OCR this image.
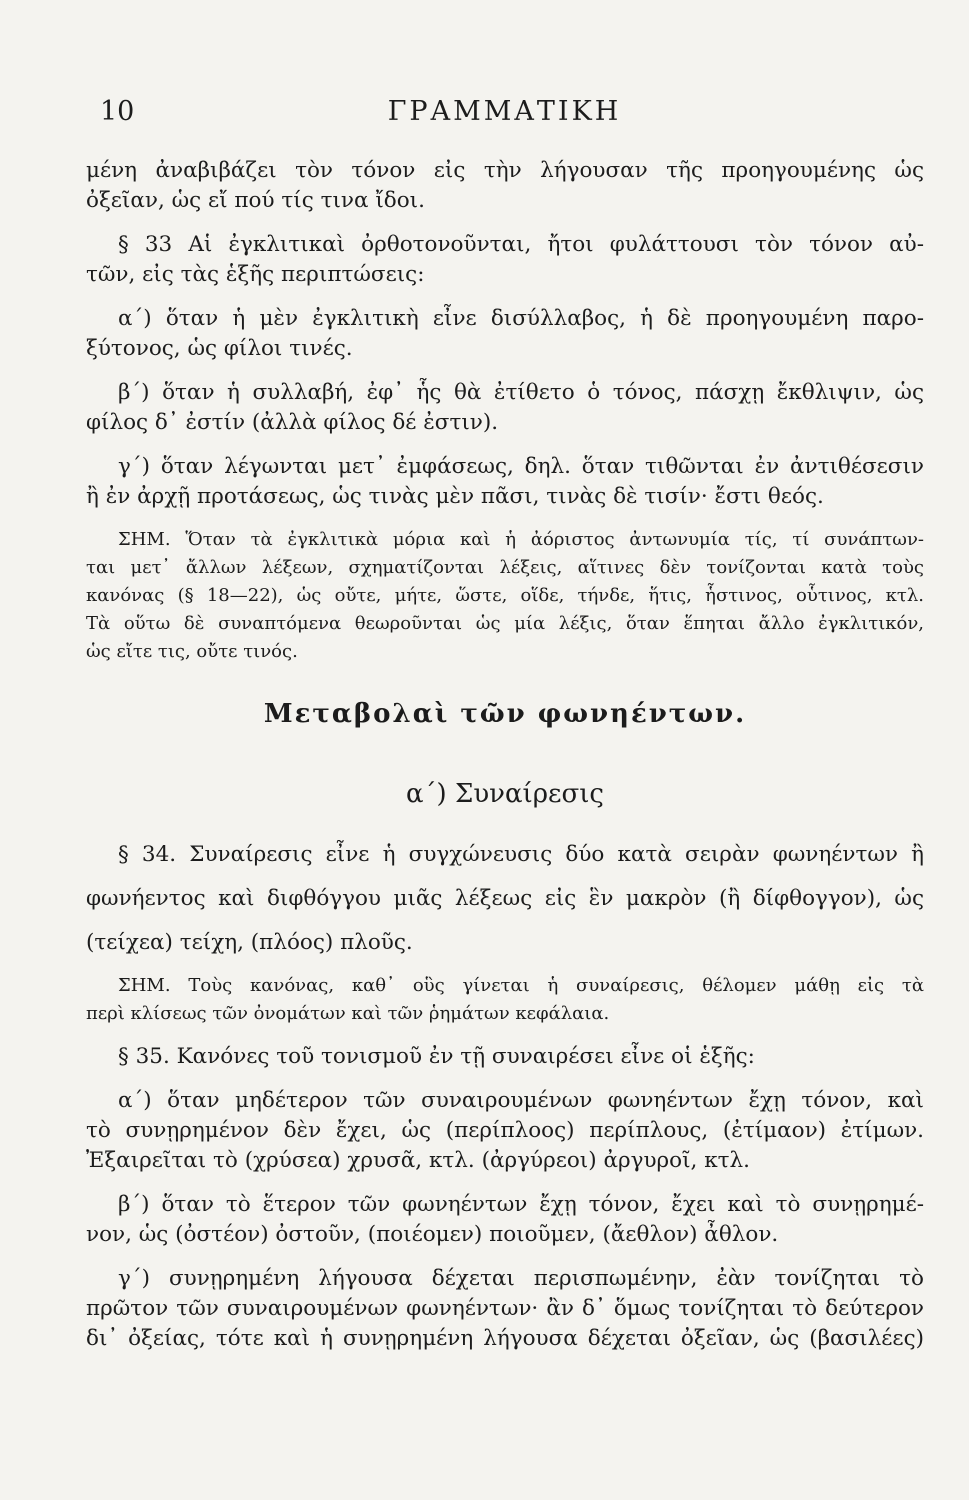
10	ΓΡΑΜΜΑΤΙΚΗ
μένη ἀναβιβάζει τὸν τόνον εἰς τὴν λήγουσαν τῆς προηγουμένης ὡς
ὀξεῖαν, ὡς εἴ πού τίς τινα ἴδοι.
§ 33 Αἱ ἐγκλιτικαὶ ὀρθοτονοῦνται, ἤτοι φυλάττουσι τὸν τόνον αὐ-
τῶν, εἰς τὰς ἑξῆς περιπτώσεις:
α΄) ὅταν ἡ μὲν ἐγκλιτικὴ εἶνε δισύλλαβος, ἡ δὲ προηγουμένη παρο-
ξύτονος, ὡς φίλοι τινές.
β΄) ὅταν ἡ συλλαβή, ἐφ᾽ ἧς θὰ ἐτίθετο ὁ τόνος, πάσχῃ ἔκθλιψιν, ὡς
φίλος δ᾽ ἐστίν (ἀλλὰ φίλος δέ ἐστιν).
γ΄) ὅταν λέγωνται μετ᾽ ἐμφάσεως, δηλ. ὅταν τιθῶνται ἐν ἀντιθέσεσιν
ἢ ἐν ἀρχῇ προτάσεως, ὡς τινὰς μὲν πᾶσι, τινὰς δὲ τισίν· ἔστι θεός.
ΣΗΜ. Ὅταν τὰ ἐγκλιτικὰ μόρια καὶ ἡ ἀόριστος ἀντωνυμία τίς, τί συνάπτων-
ται μετ᾽ ἄλλων λέξεων, σχηματίζονται λέξεις, αἵτινες δὲν τονίζονται κατὰ τοὺς
κανόνας (§ 18—22), ὡς οὔτε, μήτε, ὥστε, οἵδε, τήνδε, ἥτις, ἧστινος, οὗτινος, κτλ.
Τὰ οὕτω δὲ συναπτόμενα θεωροῦνται ὡς μία λέξις, ὅταν ἕπηται ἄλλο ἐγκλιτικόν,
ὡς εἴτε τις, οὔτε τινός.
Μεταβολαὶ τῶν φωνηέντων.
α΄) Συναίρεσις
§ 34. Συναίρεσις εἶνε ἡ συγχώνευσις δύο κατὰ σειρὰν φωνηέντων ἢ
φωνήεντος καὶ διφθόγγου μιᾶς λέξεως εἰς ἓν μακρὸν (ἢ δίφθογγον), ὡς
(τείχεα) τείχη, (πλόος) πλοῦς.
ΣΗΜ. Τοὺς κανόνας, καθ᾽ οὓς γίνεται ἡ συναίρεσις, θέλομεν μάθῃ εἰς τὰ
περὶ κλίσεως τῶν ὀνομάτων καὶ τῶν ῥημάτων κεφάλαια.
§ 35. Κανόνες τοῦ τονισμοῦ ἐν τῇ συναιρέσει εἶνε οἱ ἑξῆς:
α΄) ὅταν μηδέτερον τῶν συναιρουμένων φωνηέντων ἔχῃ τόνον, καὶ
τὸ συνῃρημένον δὲν ἔχει, ὡς (περίπλοος) περίπλους, (ἐτίμαον) ἐτίμων.
Ἐξαιρεῖται τὸ (χρύσεα) χρυσᾶ, κτλ. (ἀργύρεοι) ἀργυροῖ, κτλ.
β΄) ὅταν τὸ ἕτερον τῶν φωνηέντων ἔχῃ τόνον, ἔχει καὶ τὸ συνῃρημέ-
νον, ὡς (ὀστέον) ὀστοῦν, (ποιέομεν) ποιοῦμεν, (ἄεθλον) ἆθλον.
γ΄) συνῃρημένη λήγουσα δέχεται περισπωμένην, ἐὰν τονίζηται τὸ
πρῶτον τῶν συναιρουμένων φωνηέντων· ἂν δ᾽ ὅμως τονίζηται τὸ δεύτερον
δι᾽ ὀξείας, τότε καὶ ἡ συνῃρημένη λήγουσα δέχεται ὀξεῖαν, ὡς (βασιλέες)
